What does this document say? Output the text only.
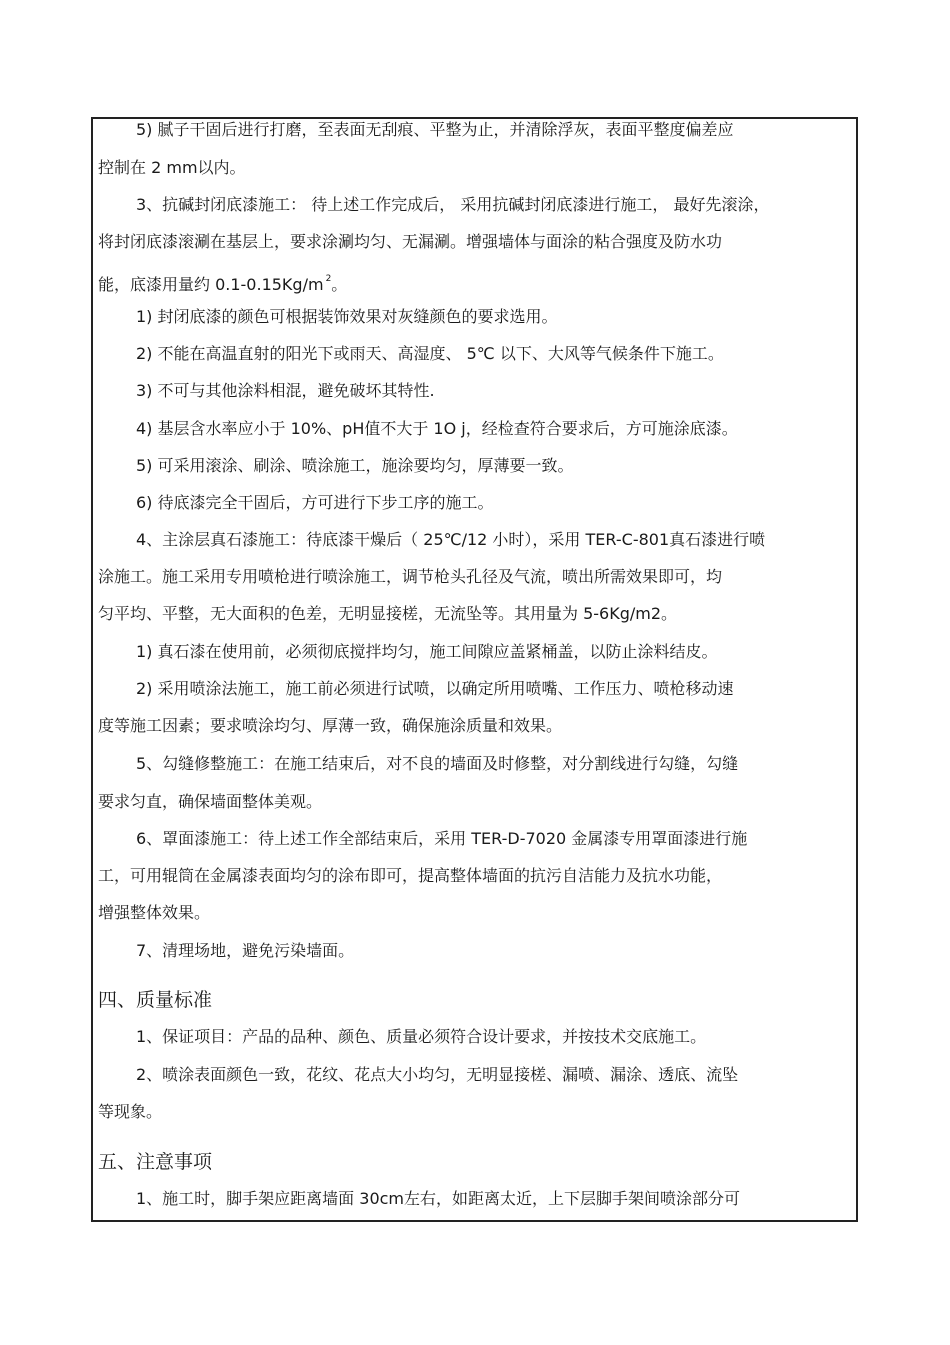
5) 腻子干固后进行打磨，至表面无刮痕、平整为止，并清除浮灰，表面平整度偏差应
控制在 2 mm以内。
3、抗碱封闭底漆施工： 待上述工作完成后， 采用抗碱封闭底漆进行施工， 最好先滚涂，
将封闭底漆滚涮在基层上，要求涂涮均匀、无漏涮。增强墙体与面涂的粘合强度及防水功
能，底漆用量约 0.1-0.15Kg/m $^2$。
1) 封闭底漆的颜色可根据装饰效果对灰缝颜色的要求选用。
2) 不能在高温直射的阳光下或雨天、高湿度、 5℃ 以下、大风等气候条件下施工。
3) 不可与其他涂料相混，避免破坏其特性.
4) 基层含水率应小于 10%、pH值不大于 1O j，经检查符合要求后，方可施涂底漆。
5) 可采用滚涂、刷涂、喷涂施工，施涂要均匀，厚薄要一致。
6) 待底漆完全干固后，方可进行下步工序的施工。
4、主涂层真石漆施工：待底漆干燥后（ 25℃/12 小时），采用 TER-C-801真石漆进行喷
涂施工。施工采用专用喷枪进行喷涂施工，调节枪头孔径及气流，喷出所需效果即可，均
匀平均、平整，无大面积的色差，无明显接槎，无流坠等。其用量为 5-6Kg/m2。
1) 真石漆在使用前，必须彻底搅拌均匀，施工间隙应盖紧桶盖，以防止涂料结皮。
2) 采用喷涂法施工，施工前必须进行试喷，以确定所用喷嘴、工作压力、喷枪移动速
度等施工因素；要求喷涂均匀、厚薄一致，确保施涂质量和效果。
5、勾缝修整施工：在施工结束后，对不良的墙面及时修整，对分割线进行勾缝，勾缝
要求匀直，确保墙面整体美观。
6、罩面漆施工：待上述工作全部结束后，采用 TER-D-7020 金属漆专用罩面漆进行施
工，可用辊筒在金属漆表面均匀的涂布即可，提高整体墙面的抗污自洁能力及抗水功能，
增强整体效果。
7、清理场地，避免污染墙面。
四、质量标准
1、保证项目：产品的品种、颜色、质量必须符合设计要求，并按技术交底施工。
2、喷涂表面颜色一致，花纹、花点大小均匀，无明显接槎、漏喷、漏涂、透底、流坠
等现象。
五、注意事项
1、施工时，脚手架应距离墙面 30cm左右，如距离太近，上下层脚手架间喷涂部分可
